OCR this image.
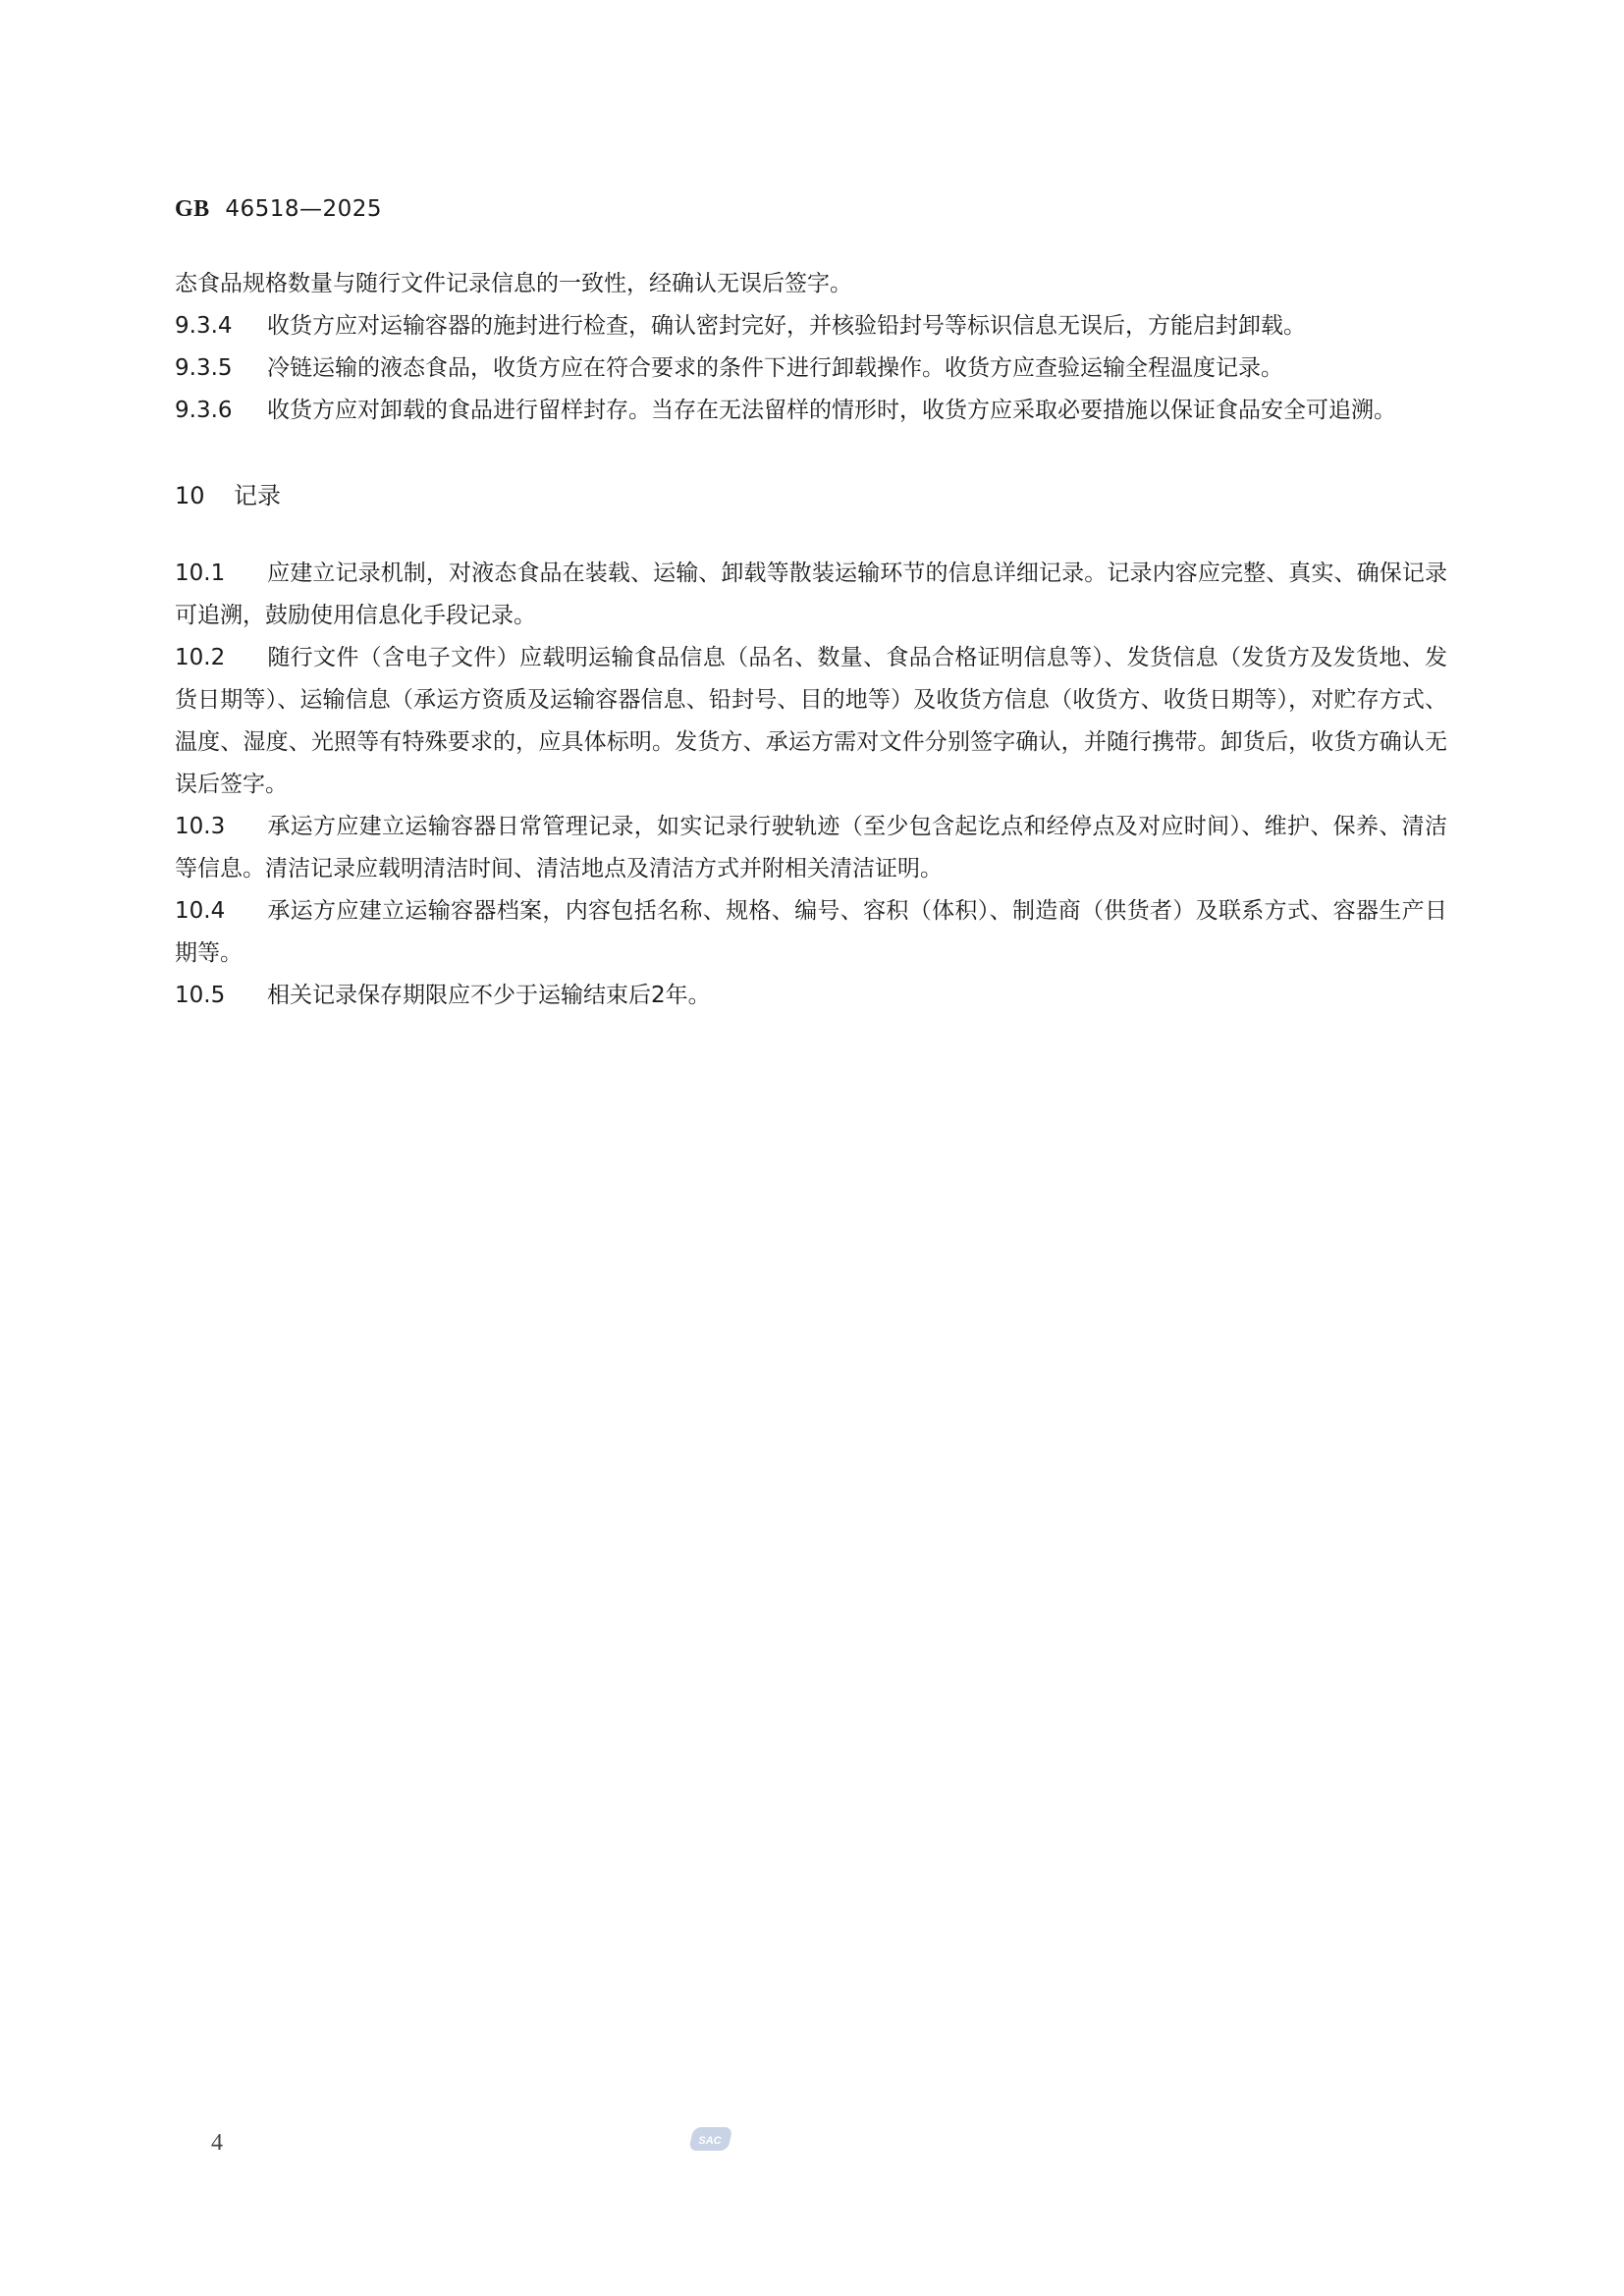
GB 46518—2025

态食品规格数量与随行文件记录信息的一致性，经确认无误后签字。

9.3.4 收货方应对运输容器的施封进行检查，确认密封完好，并核验铅封号等标识信息无误后，方能启封卸载。

9.3.5 冷链运输的液态食品，收货方应在符合要求的条件下进行卸载操作。收货方应查验运输全程温度记录。

9.3.6 收货方应对卸载的食品进行留样封存。当存在无法留样的情形时，收货方应采取必要措施以保证食品安全可追溯。

10 记录

10.1 应建立记录机制，对液态食品在装载、运输、卸载等散装运输环节的信息详细记录。记录内容应完整、真实、确保记录可追溯，鼓励使用信息化手段记录。

10.2 随行文件（含电子文件）应载明运输食品信息（品名、数量、食品合格证明信息等）、发货信息（发货方及发货地、发货日期等）、运输信息（承运方资质及运输容器信息、铅封号、目的地等）及收货方信息（收货方、收货日期等），对贮存方式、温度、湿度、光照等有特殊要求的，应具体标明。发货方、承运方需对文件分别签字确认，并随行携带。卸货后，收货方确认无误后签字。

10.3 承运方应建立运输容器日常管理记录，如实记录行驶轨迹（至少包含起讫点和经停点及对应时间）、维护、保养、清洁等信息。清洁记录应载明清洁时间、清洁地点及清洁方式并附相关清洁证明。

10.4 承运方应建立运输容器档案，内容包括名称、规格、编号、容积（体积）、制造商（供货者）及联系方式、容器生产日期等。

10.5 相关记录保存期限应不少于运输结束后2年。

4	SAC
